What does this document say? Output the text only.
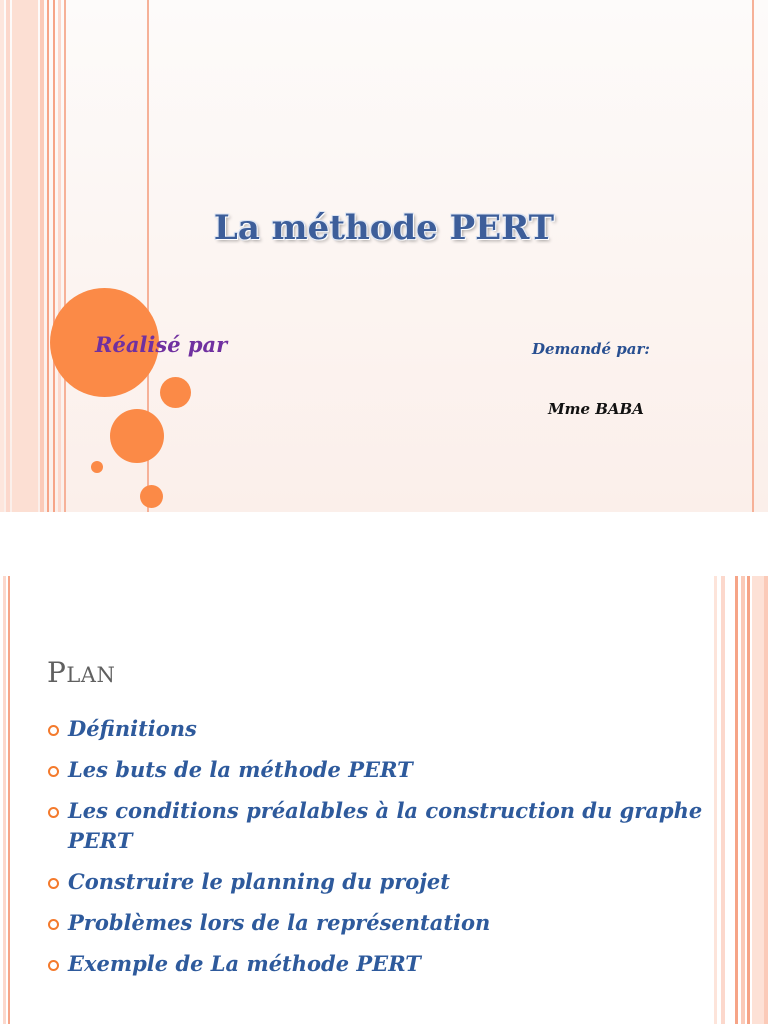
La méthode PERT
Réalisé par	Demandé par:
Mme BABA
PLAN
Définitions
Les buts de la méthode PERT
Les conditions préalables à la construction du graphe PERT
Construire le planning du projet
Problèmes lors de la représentation
Exemple de La méthode PERT
